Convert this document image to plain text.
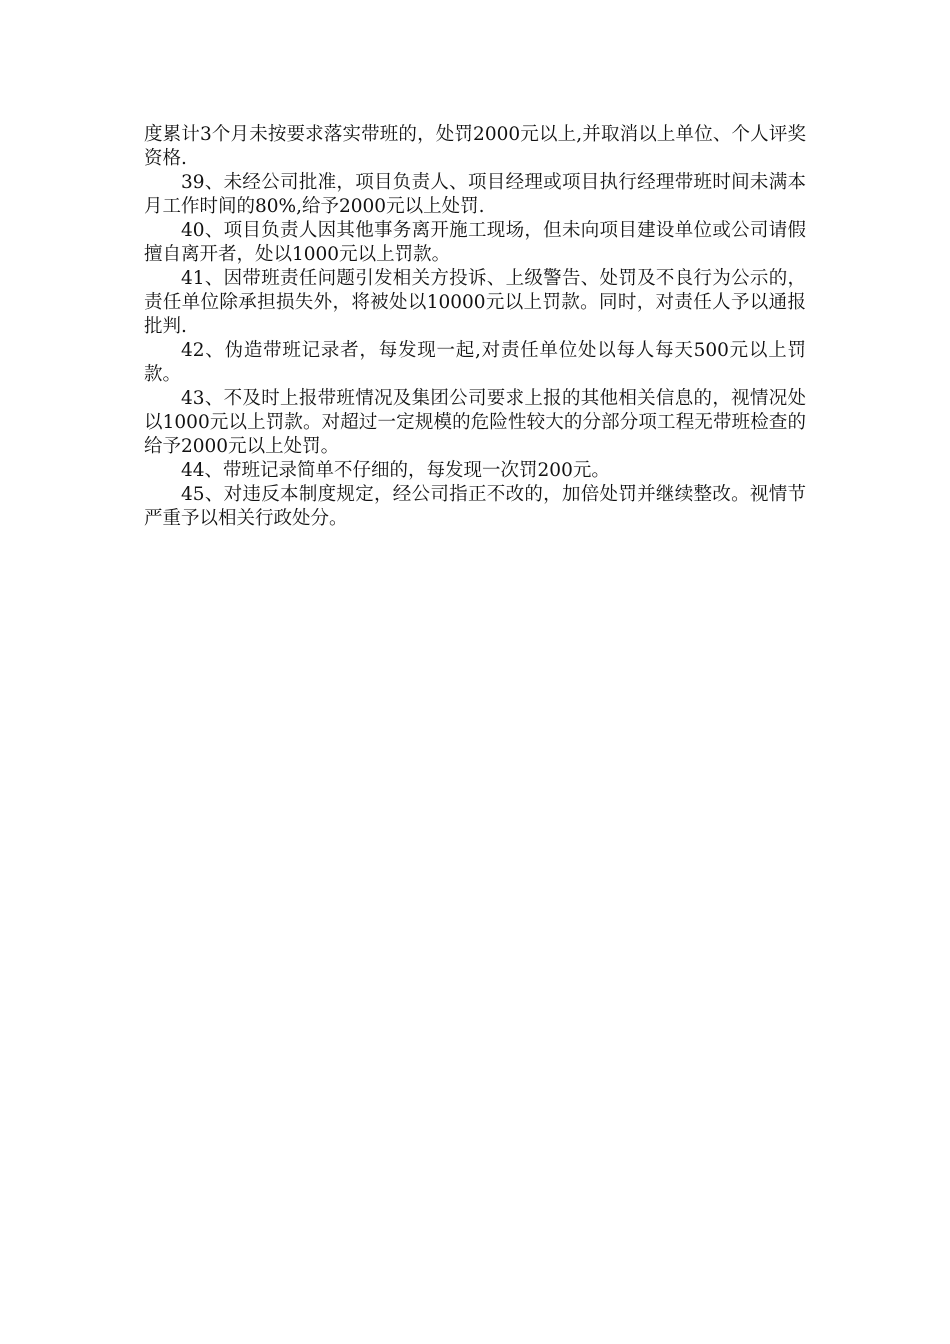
度累计3个月未按要求落实带班的，处罚2000元以上,并取消以上单位、个人评奖资格.

39、未经公司批准，项目负责人、项目经理或项目执行经理带班时间未满本月工作时间的80%,给予2000元以上处罚.

40、项目负责人因其他事务离开施工现场，但未向项目建设单位或公司请假擅自离开者，处以1000元以上罚款。

41、因带班责任问题引发相关方投诉、上级警告、处罚及不良行为公示的，责任单位除承担损失外，将被处以10000元以上罚款。同时，对责任人予以通报批判.

42、伪造带班记录者，每发现一起,对责任单位处以每人每天500元以上罚款。

43、不及时上报带班情况及集团公司要求上报的其他相关信息的，视情况处以1000元以上罚款。对超过一定规模的危险性较大的分部分项工程无带班检查的给予2000元以上处罚。

44、带班记录简单不仔细的，每发现一次罚200元。

45、对违反本制度规定，经公司指正不改的，加倍处罚并继续整改。视情节严重予以相关行政处分。
